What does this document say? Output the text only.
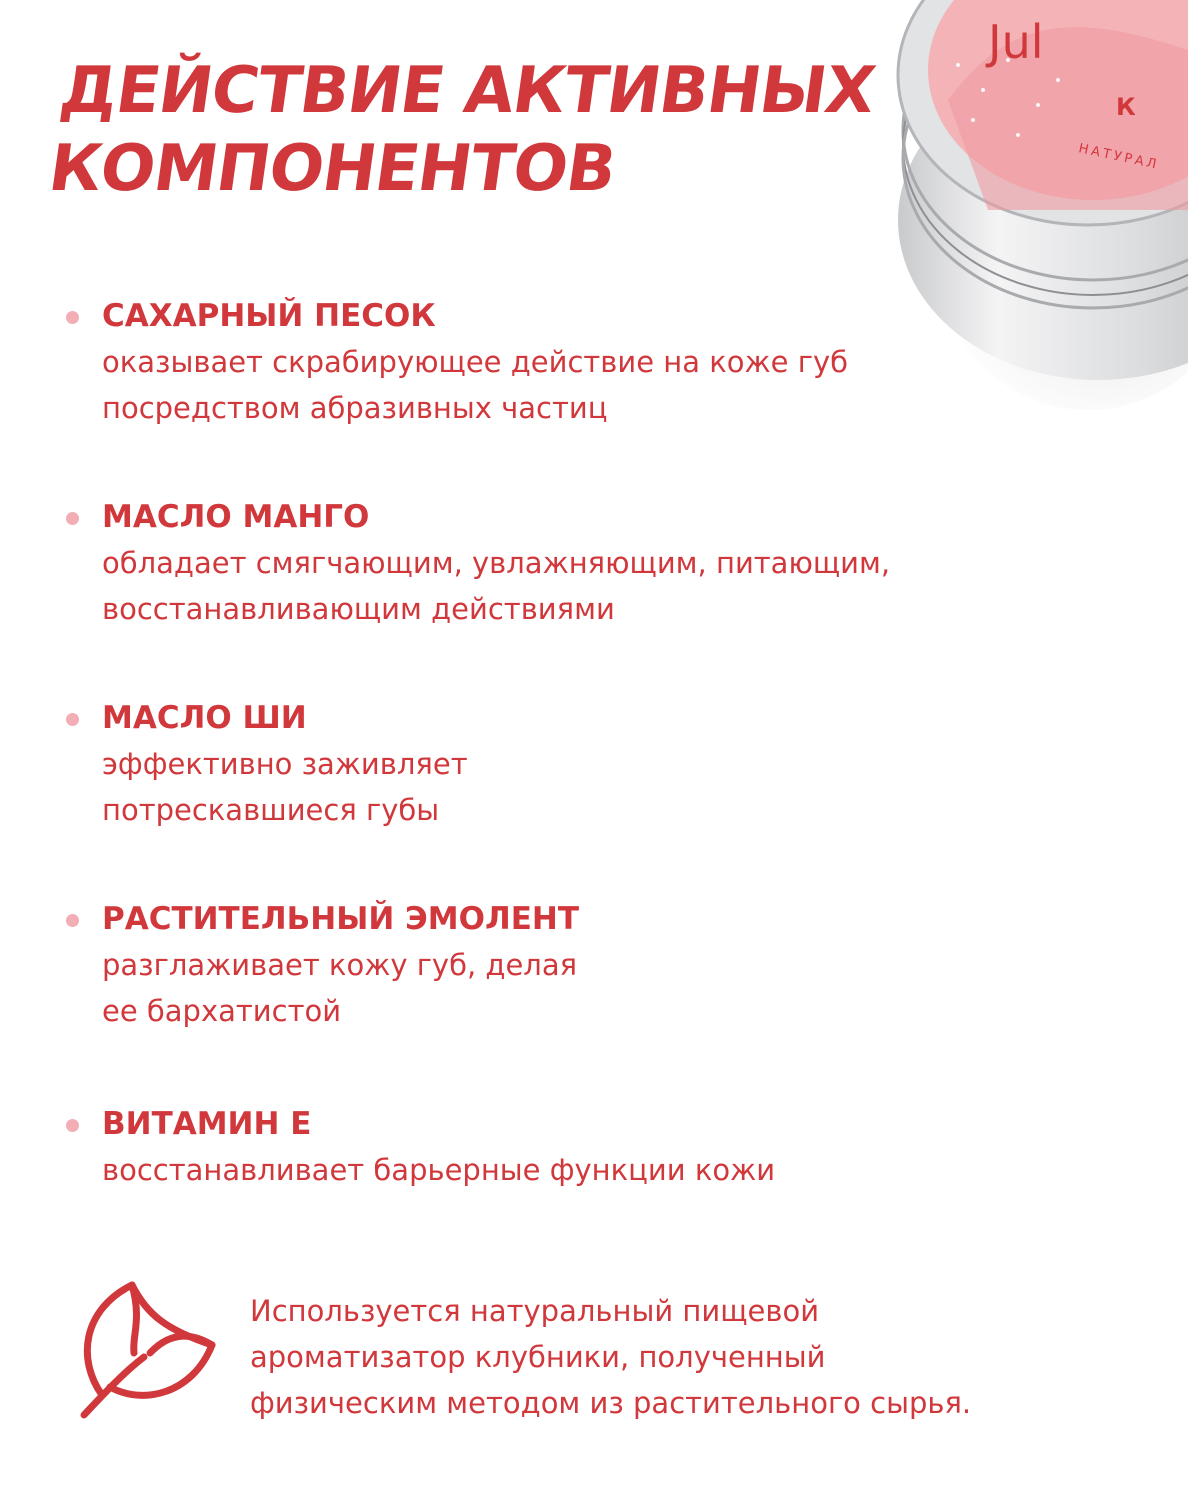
ДЕЙСТВИЕ АКТИВНЫХ
КОМПОНЕНТОВ
Jul
К
НАТУРАЛ

САХАРНЫЙ ПЕСОК

оказывает скрабирующее действие на коже губ
посредством абразивных частиц

МАСЛО МАНГО

обладает смягчающим, увлажняющим, питающим,
восстанавливающим действиями

МАСЛО ШИ

эффективно заживляет
потрескавшиеся губы

РАСТИТЕЛЬНЫЙ ЭМОЛЕНТ

разглаживает кожу губ, делая
ее бархатистой

ВИТАМИН Е

восстанавливает барьерные функции кожи

Используется натуральный пищевой
ароматизатор клубники, полученный
физическим методом из растительного сырья.
